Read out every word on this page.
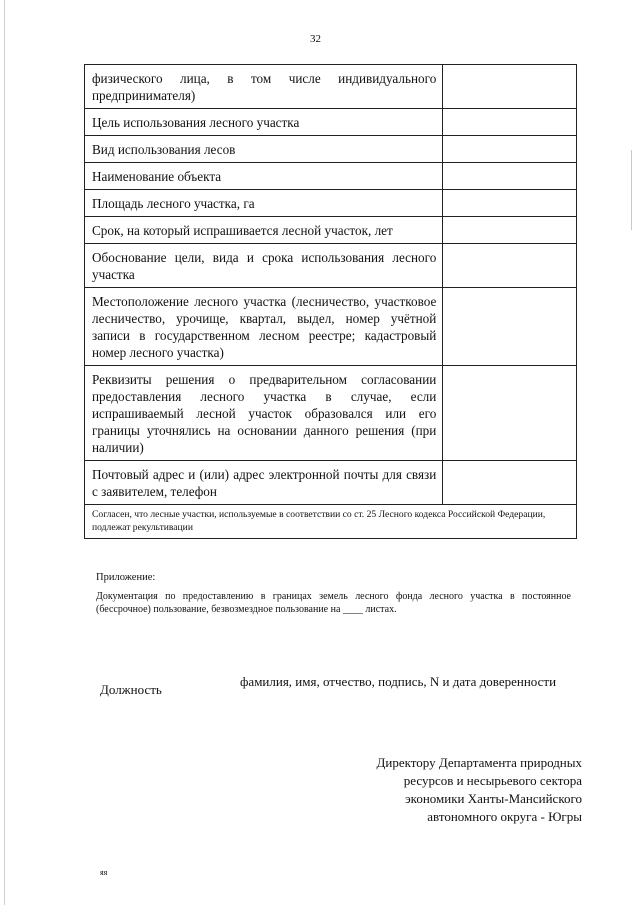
32
физического лица, в том числе индивидуального предпринимателя)	
Цель использования лесного участка	
Вид использования лесов	
Наименование объекта	
Площадь лесного участка, га	
Срок, на который испрашивается лесной участок, лет	
Обоснование цели, вида и срока использования лесного участка	
Местоположение лесного участка (лесничество, участковое лесничество, урочище, квартал, выдел, номер учётной записи в государственном лесном реестре; кадастровый номер лесного участка)	
Реквизиты решения о предварительном согласовании предоставления лесного участка в случае, если испрашиваемый лесной участок образовался или его границы уточнялись на основании данного решения (при наличии)	
Почтовый адрес и (или) адрес электронной почты для связи с заявителем, телефон	
Согласен, что лесные участки, используемые в соответствии со ст. 25 Лесного кодекса Российской Федерации, подлежат рекультивации	
Приложение:
Документация по предоставлению в границах земель лесного фонда лесного участка в постоянное (бессрочное) пользование, безвозмездное пользование на ____ листах.
Должность
фамилия, имя, отчество, подпись, N и дата доверенности
Директору Департамента природных
ресурсов и несырьевого сектора
экономики Ханты-Мансийского
автономного округа - Югры
яя
